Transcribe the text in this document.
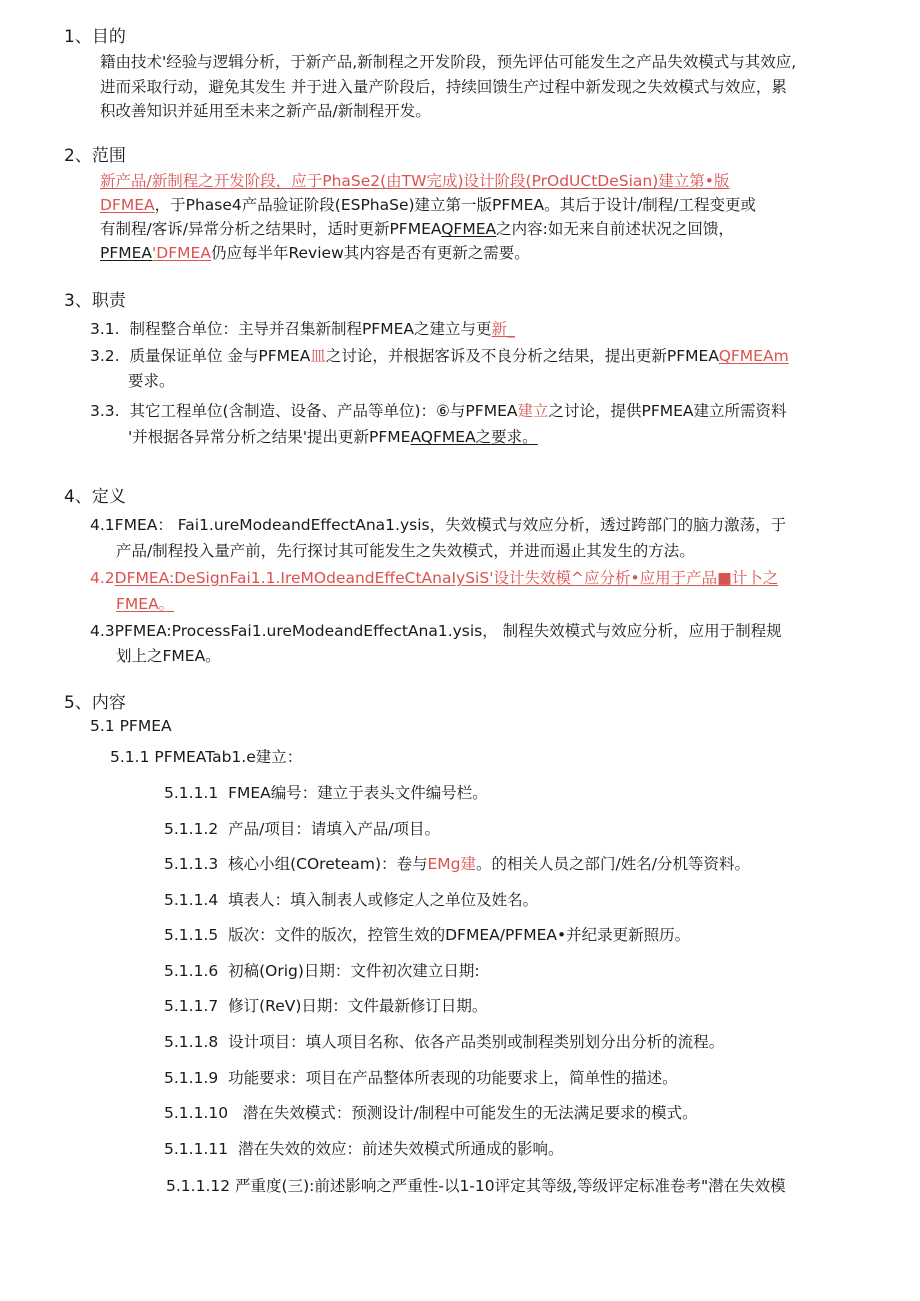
1、目的
籍由技术'经验与逻辑分析，于新产品,新制程之开发阶段，预先评估可能发生之产品失效模式与其效应,
进而采取行动，避免其发生 并于进入量产阶段后，持续回馈生产过程中新发现之失效模式与效应，累
积改善知识并延用至未来之新产品/新制程开发。
2、范围
新产品/新制程之开发阶段，应于PhaSe2(由TW完成)设计阶段(PrOdUCtDeSian)建立第•版
DFMEA，于Phase4产品验证阶段(ESPhaSe)建立第一版PFMEA。其后于设计/制程/工程变更或
有制程/客诉/异常分析之结果时，适时更新PFMEAQFMEA之内容:如无来自前述状况之回馈，
PFMEA'DFMEA仍应每半年Review其内容是否有更新之需要。
3、职责
3.1. 制程整合单位：主导并召集新制程PFMEA之建立与更新_
3.2. 质量保证单位 金与PFMEA皿之讨论，并根据客诉及不良分析之结果，提出更新PFMEAQFMEAm
要求。
3.3. 其它工程单位(含制造、设备、产品等单位)：⑥与PFMEA建立之讨论，提供PFMEA建立所需资料
'并根据各异常分析之结果'提出更新PFMEAQFMEA之要求。
4、定义
4.1FMEA： Fai1.ureModeandEffectAna1.ysis，失效模式与效应分析，透过跨部门的脑力激荡，于
产品/制程投入量产前，先行探讨其可能发生之失效模式，并进而遏止其发生的方法。
4.2DFMEA:DeSignFai1.1.IreMOdeandEffeCtAnaIySiS'设计失效模^应分析•应用于产品■计卜之
FMEA。
4.3PFMEA:ProcessFai1.ureModeandEffectAna1.ysis， 制程失效模式与效应分析，应用于制程规
划上之FMEA。
5、内容
5.1 PFMEA
5.1.1 PFMEATab1.e建立：
5.1.1.1 FMEA编号：建立于表头文件编号栏。
5.1.1.2 产品/项目：请填入产品/项目。
5.1.1.3 核心小组(COreteam)：卷与EMg建。的相关人员之部门/姓名/分机等资料。
5.1.1.4 填表人：填入制表人或修定人之单位及姓名。
5.1.1.5 版次：文件的版次，控管生效的DFMEA/PFMEA•并纪录更新照历。
5.1.1.6 初稿(Orig)日期：文件初次建立日期:
5.1.1.7 修订(ReV)日期：文件最新修订日期。
5.1.1.8 设计项目：填人项目名称、依各产品类别或制程类别划分出分析的流程。
5.1.1.9 功能要求：项目在产品整体所表现的功能要求上，简单性的描述。
5.1.1.10 潜在失效模式：预测设计/制程中可能发生的无法满足要求的模式。
5.1.1.11 潜在失效的效应：前述失效模式所通成的影响。
5.1.1.12 严重度(三):前述影响之严重性-以1-10评定其等级,等级评定标准卷考"潜在失效模
